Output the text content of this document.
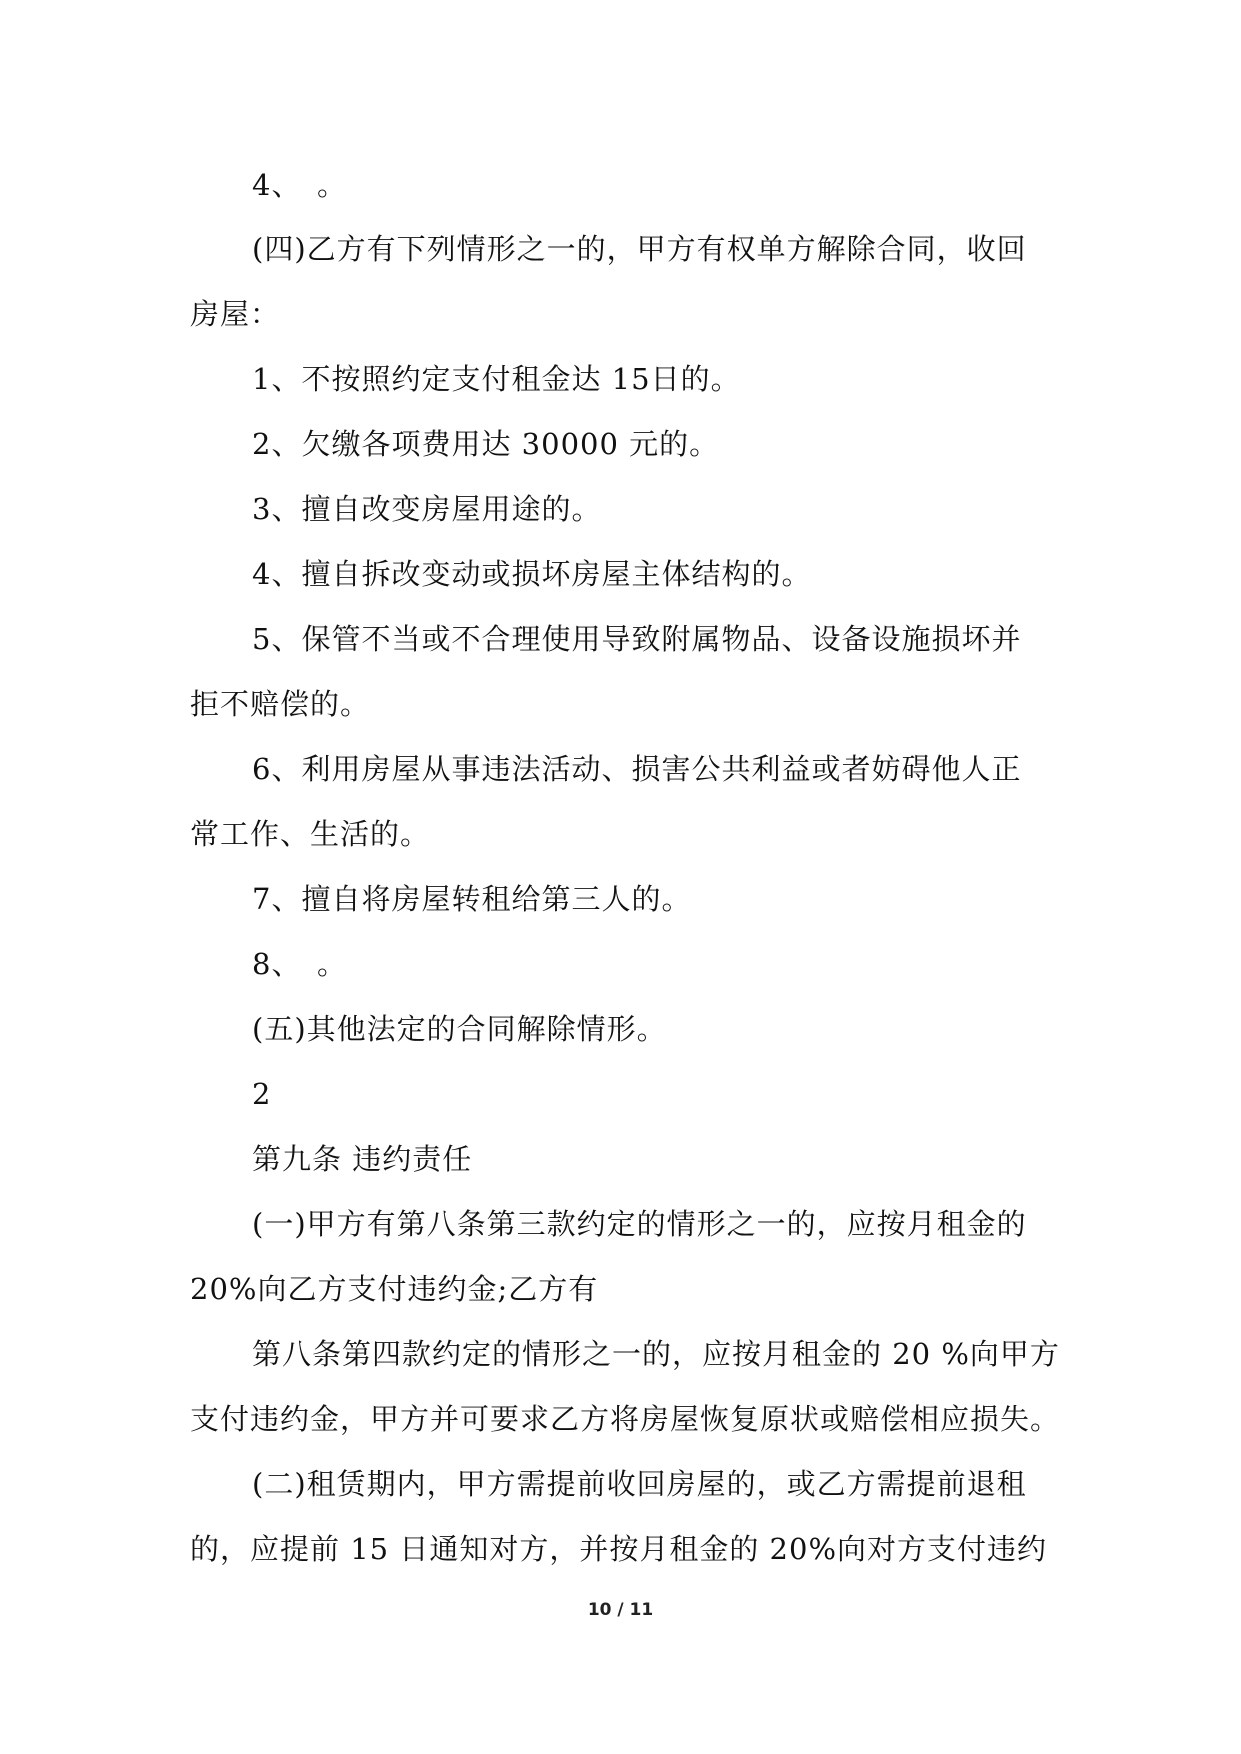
4、　。
(四)乙方有下列情形之一的，甲方有权单方解除合同，收回
房屋：
1、不按照约定支付租金达 15日的。
2、欠缴各项费用达 30000 元的。
3、擅自改变房屋用途的。
4、擅自拆改变动或损坏房屋主体结构的。
5、保管不当或不合理使用导致附属物品、设备设施损坏并
拒不赔偿的。
6、利用房屋从事违法活动、损害公共利益或者妨碍他人正
常工作、生活的。
7、擅自将房屋转租给第三人的。
8、　。
(五)其他法定的合同解除情形。
2
第九条 违约责任
(一)甲方有第八条第三款约定的情形之一的，应按月租金的
20%向乙方支付违约金;乙方有
第八条第四款约定的情形之一的，应按月租金的 20 %向甲方
支付违约金，甲方并可要求乙方将房屋恢复原状或赔偿相应损失。
(二)租赁期内，甲方需提前收回房屋的，或乙方需提前退租
的，应提前 15 日通知对方，并按月租金的 20%向对方支付违约
10 / 11
